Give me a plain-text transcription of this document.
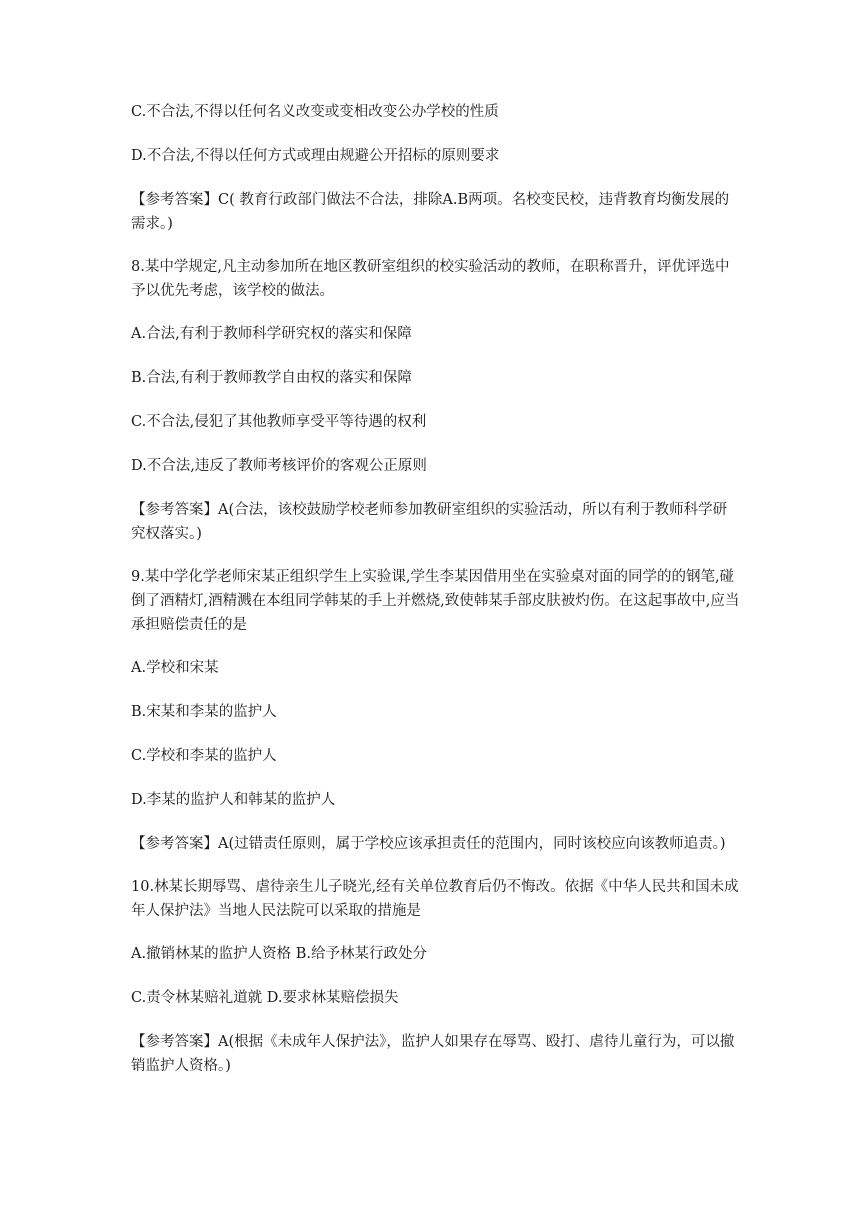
C.不合法,不得以任何名义改变或变相改变公办学校的性质

D.不合法,不得以任何方式或理由规避公开招标的原则要求

【参考答案】C( 教育行政部门做法不合法，排除A.B两项。名校变民校，违背教育均衡发展的需求。)

8.某中学规定,凡主动参加所在地区教研室组织的校实验活动的教师，在职称晋升，评优评选中予以优先考虑，该学校的做法。

A.合法,有利于教师科学研究权的落实和保障

B.合法,有利于教师教学自由权的落实和保障

C.不合法,侵犯了其他教师享受平等待遇的权利

D.不合法,违反了教师考核评价的客观公正原则

【参考答案】A(合法，该校鼓励学校老师参加教研室组织的实验活动，所以有利于教师科学研究权落实。)

9.某中学化学老师宋某正组织学生上实验课,学生李某因借用坐在实验桌对面的同学的的钢笔,碰倒了酒精灯,酒精溅在本组同学韩某的手上并燃烧,致使韩某手部皮肤被灼伤。在这起事故中,应当承担赔偿责任的是

A.学校和宋某

B.宋某和李某的监护人

C.学校和李某的监护人

D.李某的监护人和韩某的监护人

【参考答案】A(过错责任原则，属于学校应该承担责任的范围内，同时该校应向该教师追责。)

10.林某长期辱骂、虐待亲生儿子晓光,经有关单位教育后仍不悔改。依据《中华人民共和国未成年人保护法》当地人民法院可以采取的措施是

A.撤销林某的监护人资格 B.给予林某行政处分

C.责令林某赔礼道就 D.要求林某赔偿损失

【参考答案】A(根据《未成年人保护法》，监护人如果存在辱骂、殴打、虐待儿童行为，可以撤销监护人资格。)
